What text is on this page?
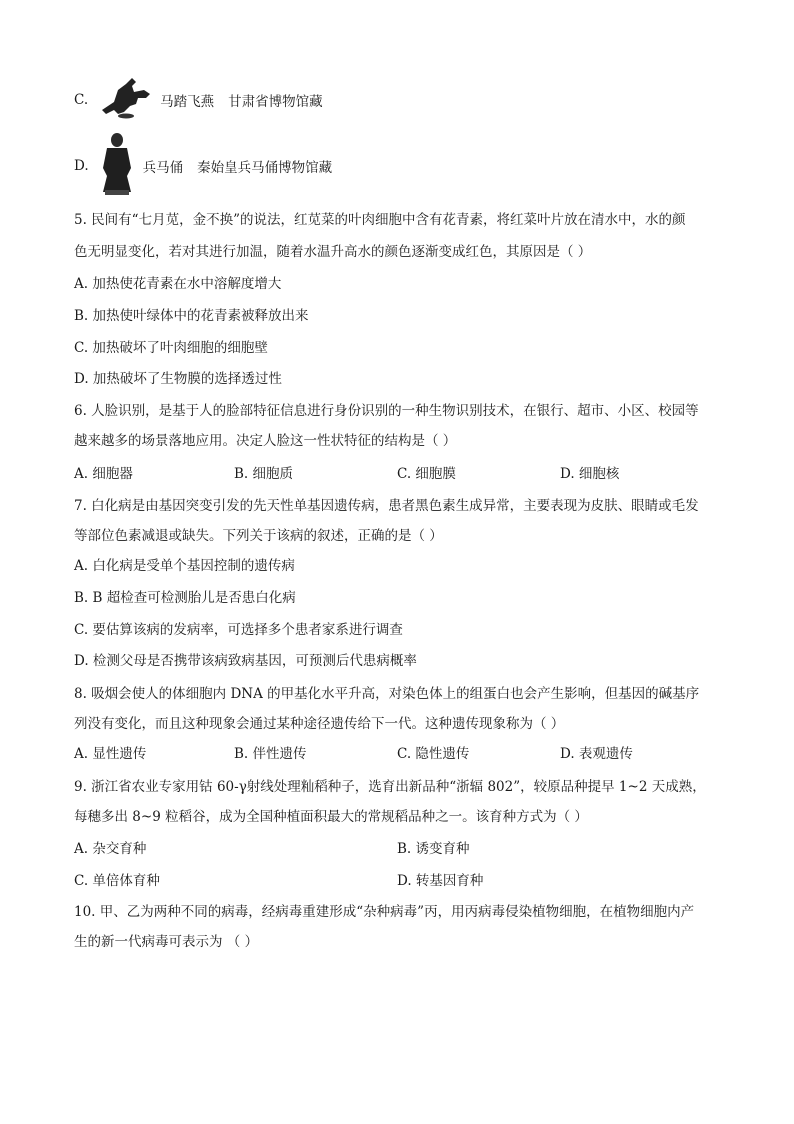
C.	马踏飞燕 甘肃省博物馆藏
D.	兵马俑 秦始皇兵马俑博物馆藏
5. 民间有“七月苋，金不换”的说法，红苋菜的叶肉细胞中含有花青素，将红菜叶片放在清水中，水的颜
色无明显变化，若对其进行加温，随着水温升高水的颜色逐渐变成红色，其原因是（ ）
A. 加热使花青素在水中溶解度增大
B. 加热使叶绿体中的花青素被释放出来
C. 加热破坏了叶肉细胞的细胞壁
D. 加热破坏了生物膜的选择透过性
6. 人脸识别，是基于人的脸部特征信息进行身份识别的一种生物识别技术，在银行、超市、小区、校园等
越来越多的场景落地应用。决定人脸这一性状特征的结构是（ ）
A. 细胞器	B. 细胞质	C. 细胞膜	D. 细胞核
7. 白化病是由基因突变引发的先天性单基因遗传病，患者黑色素生成异常，主要表现为皮肤、眼睛或毛发
等部位色素减退或缺失。下列关于该病的叙述，正确的是（ ）
A. 白化病是受单个基因控制的遗传病
B. B 超检查可检测胎儿是否患白化病
C. 要估算该病的发病率，可选择多个患者家系进行调查
D. 检测父母是否携带该病致病基因，可预测后代患病概率
8. 吸烟会使人的体细胞内 DNA 的甲基化水平升高，对染色体上的组蛋白也会产生影响，但基因的碱基序
列没有变化，而且这种现象会通过某种途径遗传给下一代。这种遗传现象称为（ ）
A. 显性遗传	B. 伴性遗传	C. 隐性遗传	D. 表观遗传
9. 浙江省农业专家用钴 60-γ射线处理籼稻种子，选育出新品种“浙辐 802”，较原品种提早 1~2 天成熟，
每穗多出 8~9 粒稻谷，成为全国种植面积最大的常规稻品种之一。该育种方式为（ ）
A. 杂交育种	B. 诱变育种
C. 单倍体育种	D. 转基因育种
10. 甲、乙为两种不同的病毒，经病毒重建形成“杂种病毒”丙，用丙病毒侵染植物细胞，在植物细胞内产
生的新一代病毒可表示为 （ ）
